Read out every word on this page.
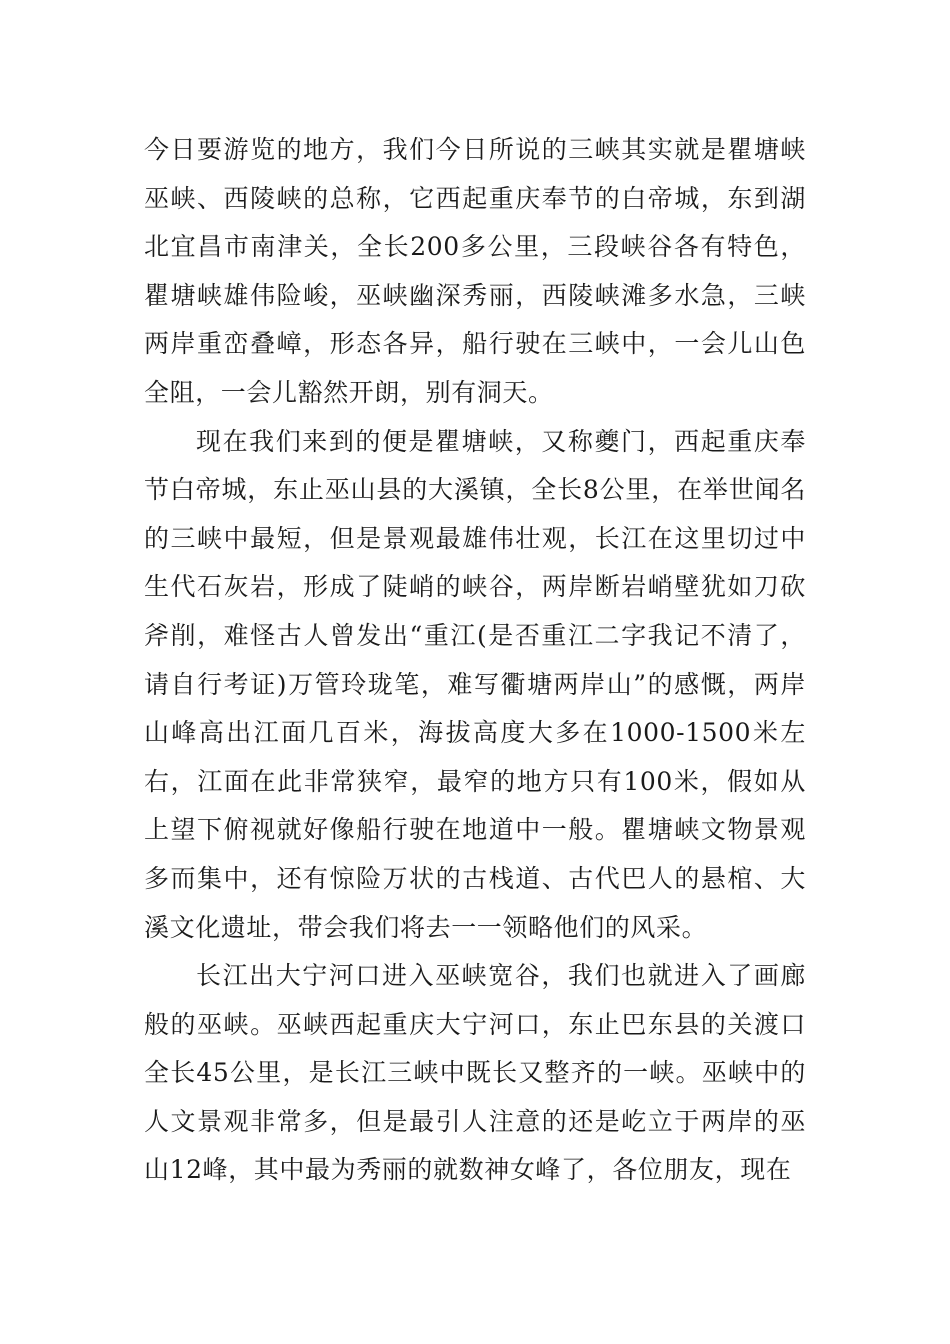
今日要游览的地方，我们今日所说的三峡其实就是瞿塘峡巫峡、西陵峡的总称，它西起重庆奉节的白帝城，东到湖北宜昌市南津关，全长200多公里，三段峡谷各有特色，瞿塘峡雄伟险峻，巫峡幽深秀丽，西陵峡滩多水急，三峡两岸重峦叠嶂，形态各异，船行驶在三峡中，一会儿山色全阻，一会儿豁然开朗，别有洞天。

现在我们来到的便是瞿塘峡，又称夔门，西起重庆奉节白帝城，东止巫山县的大溪镇，全长8公里，在举世闻名的三峡中最短，但是景观最雄伟壮观，长江在这里切过中生代石灰岩，形成了陡峭的峡谷，两岸断岩峭壁犹如刀砍斧削，难怪古人曾发出“重江(是否重江二字我记不清了，请自行考证)万管玲珑笔，难写衢塘两岸山”的感慨，两岸山峰高出江面几百米，海拔高度大多在1000-1500米左右，江面在此非常狭窄，最窄的地方只有100米，假如从上望下俯视就好像船行驶在地道中一般。瞿塘峡文物景观多而集中，还有惊险万状的古栈道、古代巴人的悬棺、大溪文化遗址，带会我们将去一一领略他们的风采。

长江出大宁河口进入巫峡宽谷，我们也就进入了画廊般的巫峡。巫峡西起重庆大宁河口，东止巴东县的关渡口全长45公里，是长江三峡中既长又整齐的一峡。巫峡中的人文景观非常多，但是最引人注意的还是屹立于两岸的巫山12峰，其中最为秀丽的就数神女峰了，各位朋友，现在
